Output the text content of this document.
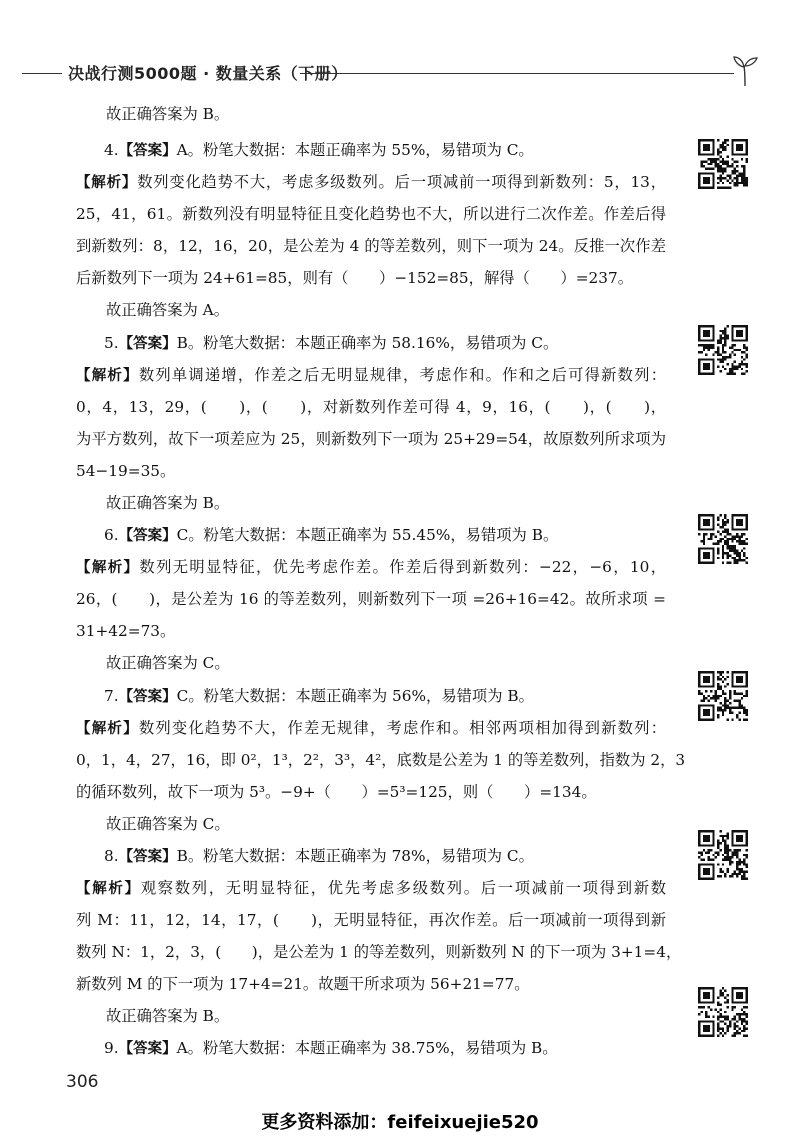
决战行测5000题 · 数量关系（下册）
故正确答案为 B。
4.【答案】A。粉笔大数据：本题正确率为 55%，易错项为 C。
【解析】数列变化趋势不大，考虑多级数列。后一项减前一项得到新数列：5，13，
25，41，61。新数列没有明显特征且变化趋势也不大，所以进行二次作差。作差后得
到新数列：8，12，16，20，是公差为 4 的等差数列，则下一项为 24。反推一次作差
后新数列下一项为 24+61=85，则有（　　）−152=85，解得（　　）=237。
故正确答案为 A。
5.【答案】B。粉笔大数据：本题正确率为 58.16%，易错项为 C。
【解析】数列单调递增，作差之后无明显规律，考虑作和。作和之后可得新数列：
0，4，13，29，(　　)，(　　)，对新数列作差可得 4，9，16，(　　)，(　　)，
为平方数列，故下一项差应为 25，则新数列下一项为 25+29=54，故原数列所求项为
54−19=35。
故正确答案为 B。
6.【答案】C。粉笔大数据：本题正确率为 55.45%，易错项为 B。
【解析】数列无明显特征，优先考虑作差。作差后得到新数列：−22，−6，10，
26，(　　)，是公差为 16 的等差数列，则新数列下一项 =26+16=42。故所求项 =
31+42=73。
故正确答案为 C。
7.【答案】C。粉笔大数据：本题正确率为 56%，易错项为 B。
【解析】数列变化趋势不大，作差无规律，考虑作和。相邻两项相加得到新数列：
0，1，4，27，16，即 0²，1³，2²，3³，4²，底数是公差为 1 的等差数列，指数为 2，3
的循环数列，故下一项为 5³。−9+（　　）=5³=125，则（　　）=134。
故正确答案为 C。
8.【答案】B。粉笔大数据：本题正确率为 78%，易错项为 C。
【解析】观察数列，无明显特征，优先考虑多级数列。后一项减前一项得到新数
列 M：11，12，14，17，(　　)，无明显特征，再次作差。后一项减前一项得到新
数列 N：1，2，3，(　　)，是公差为 1 的等差数列，则新数列 N 的下一项为 3+1=4，
新数列 M 的下一项为 17+4=21。故题干所求项为 56+21=77。
故正确答案为 B。
9.【答案】A。粉笔大数据：本题正确率为 38.75%，易错项为 B。
306
更多资料添加：feifeixuejie520
